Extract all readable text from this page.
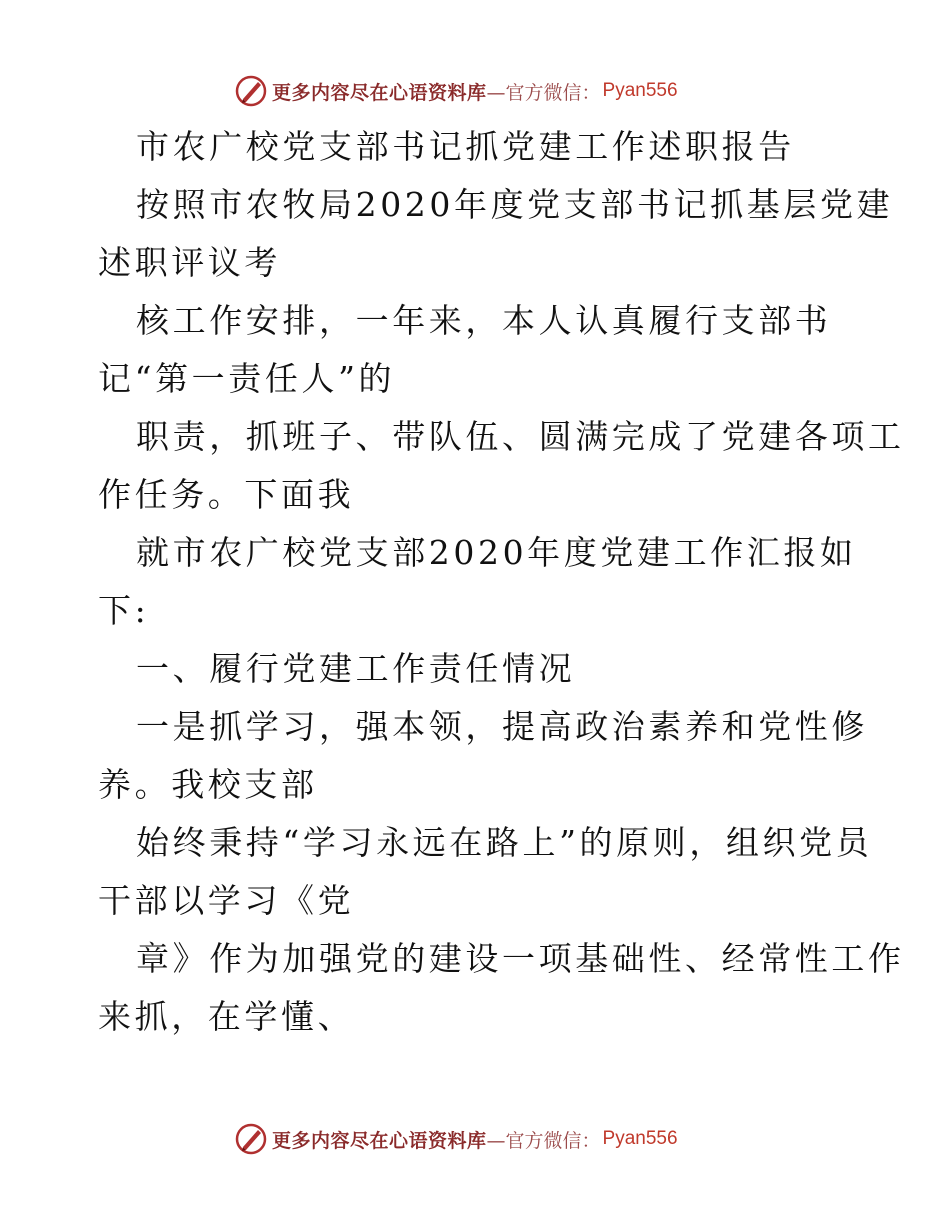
更多内容尽在心语资料库 —官方微信： Pyan556
市农广校党支部书记抓党建工作述职报告
按照市农牧局2020年度党支部书记抓基层党建
述职评议考
核工作安排，一年来，本人认真履行支部书
记“第一责任人”的
职责，抓班子、带队伍、圆满完成了党建各项工
作任务。下面我
就市农广校党支部2020年度党建工作汇报如
下:
一、履行党建工作责任情况
一是抓学习，强本领，提高政治素养和党性修
养。我校支部
始终秉持“学习永远在路上”的原则，组织党员
干部以学习《党
章》作为加强党的建设一项基础性、经常性工作
来抓，在学懂、
更多内容尽在心语资料库 —官方微信： Pyan556
